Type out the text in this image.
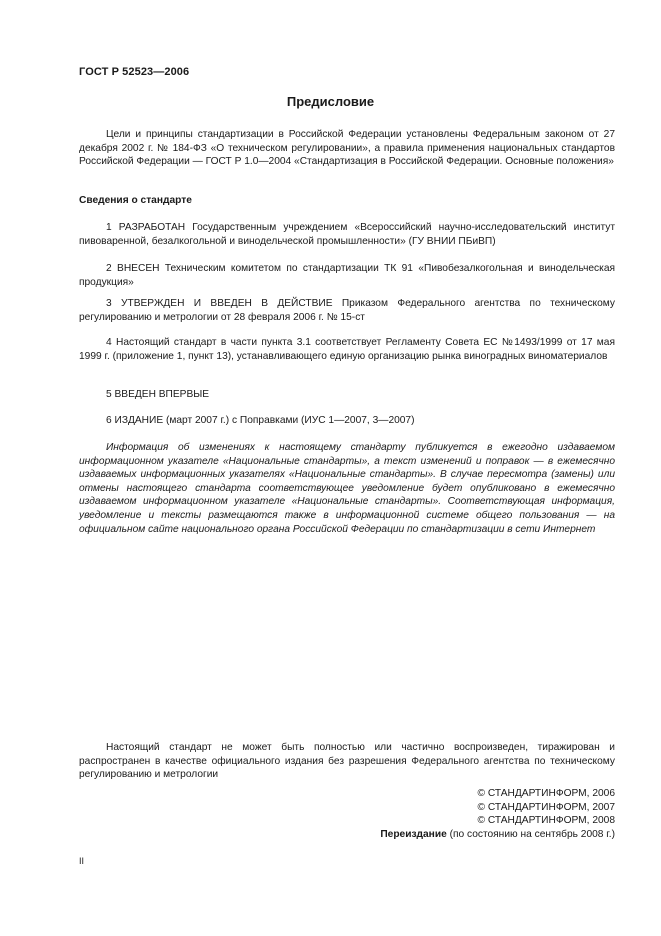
ГОСТ Р 52523—2006
Предисловие

Цели и принципы стандартизации в Российской Федерации установлены Федеральным законом от 27 декабря 2002 г. № 184-ФЗ «О техническом регулировании», а правила применения национальных стандартов Российской Федерации — ГОСТ Р 1.0—2004 «Стандартизация в Российской Федерации. Основные положения»

Сведения о стандарте

1 РАЗРАБОТАН Государственным учреждением «Всероссийский научно-исследовательский институт пивоваренной, безалкогольной и винодельческой промышленности» (ГУ ВНИИ ПБиВП)

2 ВНЕСЕН Техническим комитетом по стандартизации ТК 91 «Пивобезалкогольная и винодельческая продукция»

3 УТВЕРЖДЕН И ВВЕДЕН В ДЕЙСТВИЕ Приказом Федерального агентства по техническому регулированию и метрологии от 28 февраля 2006 г. № 15-ст

4 Настоящий стандарт в части пункта 3.1 соответствует Регламенту Совета ЕС №1493/1999 от 17 мая 1999 г. (приложение 1, пункт 13), устанавливающего единую организацию рынка виноградных виноматериалов

5 ВВЕДЕН ВПЕРВЫЕ

6 ИЗДАНИЕ (март 2007 г.) с Поправками (ИУС 1—2007, 3—2007)

Информация об изменениях к настоящему стандарту публикуется в ежегодно издаваемом информационном указателе «Национальные стандарты», а текст изменений и поправок — в ежемесячно издаваемых информационных указателях «Национальные стандарты». В случае пересмотра (замены) или отмены настоящего стандарта соответствующее уведомление будет опубликовано в ежемесячно издаваемом информационном указателе «Национальные стандарты». Соответствующая информация, уведомление и тексты размещаются также в информационной системе общего пользования — на официальном сайте национального органа Российской Федерации по стандартизации в сети Интернет

Настоящий стандарт не может быть полностью или частично воспроизведен, тиражирован и распространен в качестве официального издания без разрешения Федерального агентства по техническому регулированию и метрологии

© СТАНДАРТИНФОРМ, 2006
© СТАНДАРТИНФОРМ, 2007
© СТАНДАРТИНФОРМ, 2008
Переиздание (по состоянию на сентябрь 2008 г.)
II
